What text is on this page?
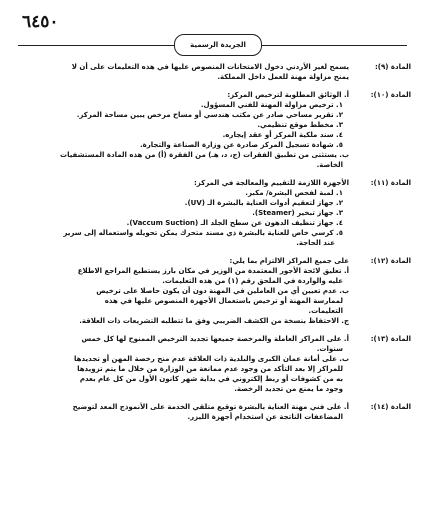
٦٤٥٠
الجريدة الرسمية
المادة (٩):
يسمح لغير الأردني دخول الامتحانات المنصوص عليها في هذه التعليمات على أن لا
يمنح مزاولة مهنة للعمل داخل المملكة.
المادة (١٠):
أ. الوثائق المطلوبة لترخيص المركز:
١. ترخيص مزاولة المهنة للفني المسؤول.
٢. تقرير مساحي صادر عن مكتب هندسي أو مساح مرخص يبين مساحة المركز.
٣. مخطط موقع تنظيمي.
٤. سند ملكية المركز أو عقد إيجاره.
٥. شهادة تسجيل المركز صادرة عن وزارة الصناعة والتجارة.
ب. يستثنى من تطبيق الفقرات (ج، د، هـ) من الفقرة (أ) من هذه المادة المستشفيات
الخاصة.
المادة (١١):
الأجهزة اللازمة للتقييم والمعالجة في المركز:
١. لمبة لفحص البشرة/ مكبر.
٢. جهاز لتعقيم أدوات العناية بالبشرة الـ (UV).
٣. جهاز تبخير (Steamer).
٤. جهاز تنظيف الدهون عن سطح الجلد الـ (Vaccum Suction).
٥. كرسي خاص للعناية بالبشرة ذي مسند متحرك يمكن تحويله واستعماله إلى سرير
عند الحاجة.
المادة (١٢):
على جميع المراكز الالتزام بما يلي:
أ. تعليق لائحة الأجور المعتمدة من الوزير في مكان بارز يستطيع المراجع الاطلاع
عليه والواردة في الملحق رقم (١) من هذه التعليمات.
ب. عدم تعيين أي من العاملين في المهنة دون أن يكون حاصلا على ترخيص
لممارسة المهنة أو ترخيص باستعمال الأجهزة المنصوص عليها في هذه
التعليمات.
ج. الاحتفاظ بنسخة من الكشف الضريبي وفق ما تتطلبه التشريعات ذات العلاقة.
المادة (١٣):
أ. على المراكز العاملة والمرخصة جميعها تجديد الترخيص الممنوح لها كل خمس
سنوات.
ب. على أمانة عمان الكبرى والبلدية ذات العلاقة عدم منح رخصة المهن أو تجديدها
للمراكز إلا بعد التأكد من وجود عدم ممانعة من الوزارة من خلال ما يتم تزويدها
به من كشوفات أو ربط إلكتروني في بداية شهر كانون الأول من كل عام بعدم
وجود ما يمنع من تجديد الرخصة.
المادة (١٤):
أ. على فني مهنة العناية بالبشرة توقيع متلقي الخدمة على الأنموذج المعد لتوضيح
المضاعفات الناتجة عن استخدام أجهزة الليزر.
